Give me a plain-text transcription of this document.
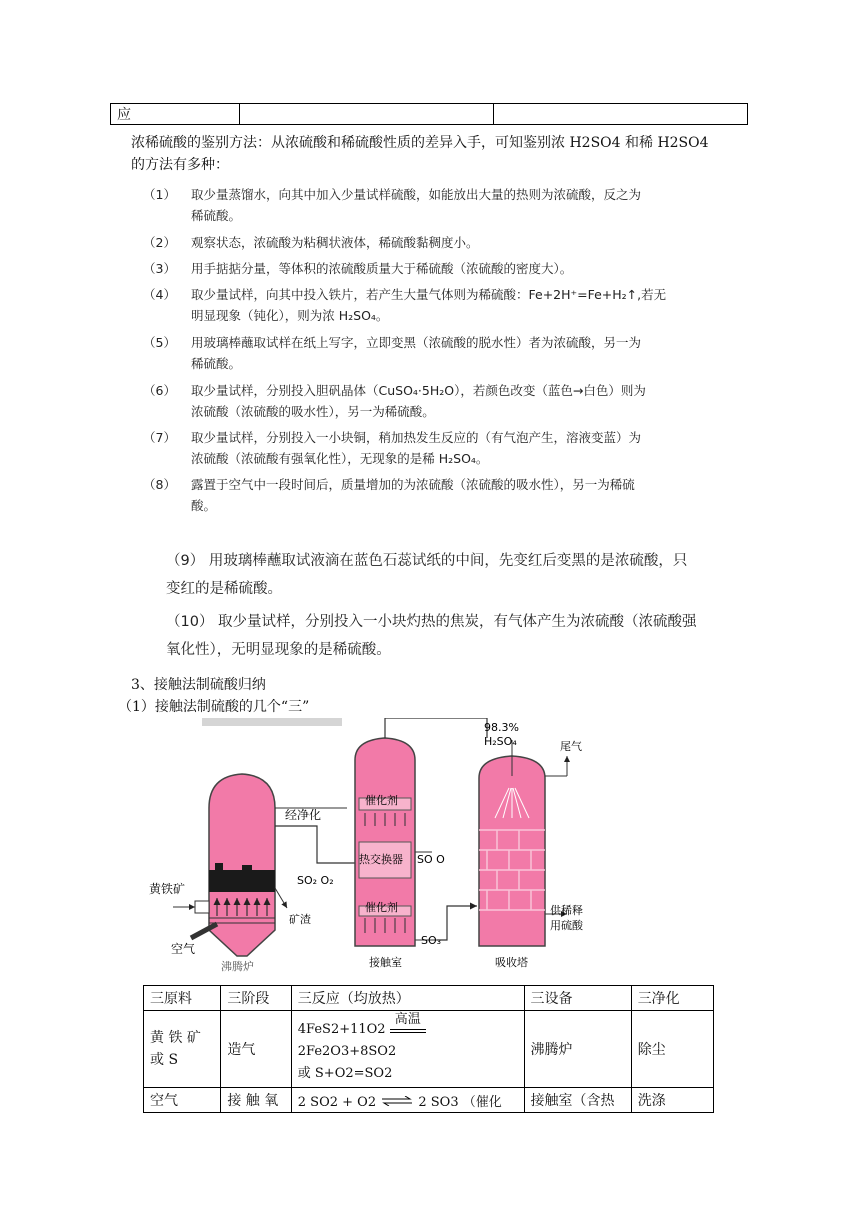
应		
浓稀硫酸的鉴别方法：从浓硫酸和稀硫酸性质的差异入手，可知鉴别浓 H2SO4 和稀 H2SO4
的方法有多种：
（1） 取少量蒸馏水，向其中加入少量试样硫酸，如能放出大量的热则为浓硫酸，反之为
稀硫酸。
（2） 观察状态，浓硫酸为粘稠状液体，稀硫酸黏稠度小。
（3） 用手掂掂分量，等体积的浓硫酸质量大于稀硫酸（浓硫酸的密度大）。
（4） 取少量试样，向其中投入铁片，若产生大量气体则为稀硫酸：Fe+2H⁺=Fe+H₂↑,若无
明显现象（钝化），则为浓 H₂SO₄。
（5） 用玻璃棒蘸取试样在纸上写字，立即变黑（浓硫酸的脱水性）者为浓硫酸，另一为
稀硫酸。
（6） 取少量试样，分别投入胆矾晶体（CuSO₄·5H₂O），若颜色改变（蓝色→白色）则为
浓硫酸（浓硫酸的吸水性），另一为稀硫酸。
（7） 取少量试样，分别投入一小块铜，稍加热发生反应的（有气泡产生，溶液变蓝）为
浓硫酸（浓硫酸有强氧化性），无现象的是稀 H₂SO₄。
（8） 露置于空气中一段时间后，质量增加的为浓硫酸（浓硫酸的吸水性），另一为稀硫
酸。
（9） 用玻璃棒蘸取试液滴在蓝色石蕊试纸的中间，先变红后变黑的是浓硫酸，只
变红的是稀硫酸。
（10） 取少量试样，分别投入一小块灼热的焦炭，有气体产生为浓硫酸（浓硫酸强
氧化性），无明显现象的是稀硫酸。
3、接触法制硫酸归纳
（1）接触法制硫酸的几个“三”
经净化
黄铁矿
SO₂ O₂
矿渣
空气
沸腾炉
催化剂
热交换器
催化剂
SO O
SO₃
接触室
98.3%
H₂SO₄	尾气
供稀释
用硫酸
吸收塔
三原料	三阶段	三反应（均放热）	三设备	三净化
黄 铁 矿 或 S	造气	4FeS2+11O2
高温
2Fe2O3+8SO2
或 S+O2=SO2	沸腾炉	除尘
空气	接 触 氧	2 SO2 + O2 ⇌ 2 SO3 （催化	接触室（含热	洗涤
